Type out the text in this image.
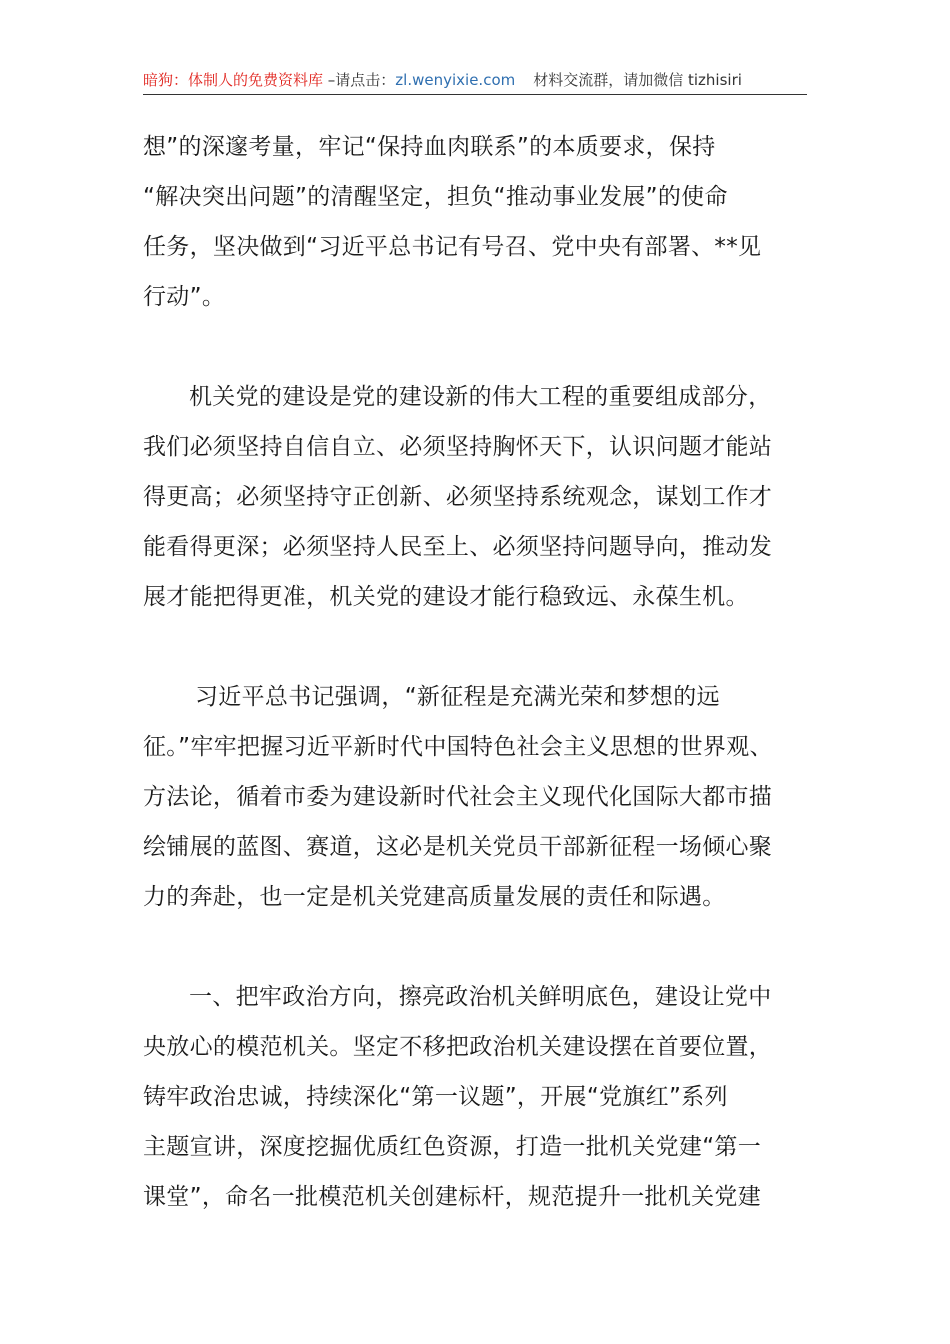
暗狗：体制人的免费资料库 –请点击：zl.wenyixie.com 材料交流群，请加微信 tizhisiri

想”的深邃考量，牢记“保持血肉联系”的本质要求，保持
“解决突出问题”的清醒坚定，担负“推动事业发展”的使命
任务，坚决做到“习近平总书记有号召、党中央有部署、**见
行动”。

机关党的建设是党的建设新的伟大工程的重要组成部分，
我们必须坚持自信自立、必须坚持胸怀天下，认识问题才能站
得更高；必须坚持守正创新、必须坚持系统观念，谋划工作才
能看得更深；必须坚持人民至上、必须坚持问题导向，推动发
展才能把得更准，机关党的建设才能行稳致远、永葆生机。

习近平总书记强调，“新征程是充满光荣和梦想的远
征。”牢牢把握习近平新时代中国特色社会主义思想的世界观、
方法论，循着市委为建设新时代社会主义现代化国际大都市描
绘铺展的蓝图、赛道，这必是机关党员干部新征程一场倾心聚
力的奔赴，也一定是机关党建高质量发展的责任和际遇。

一、把牢政治方向，擦亮政治机关鲜明底色，建设让党中
央放心的模范机关。坚定不移把政治机关建设摆在首要位置，
铸牢政治忠诚，持续深化“第一议题”，开展“党旗红”系列
主题宣讲，深度挖掘优质红色资源，打造一批机关党建“第一
课堂”，命名一批模范机关创建标杆，规范提升一批机关党建
